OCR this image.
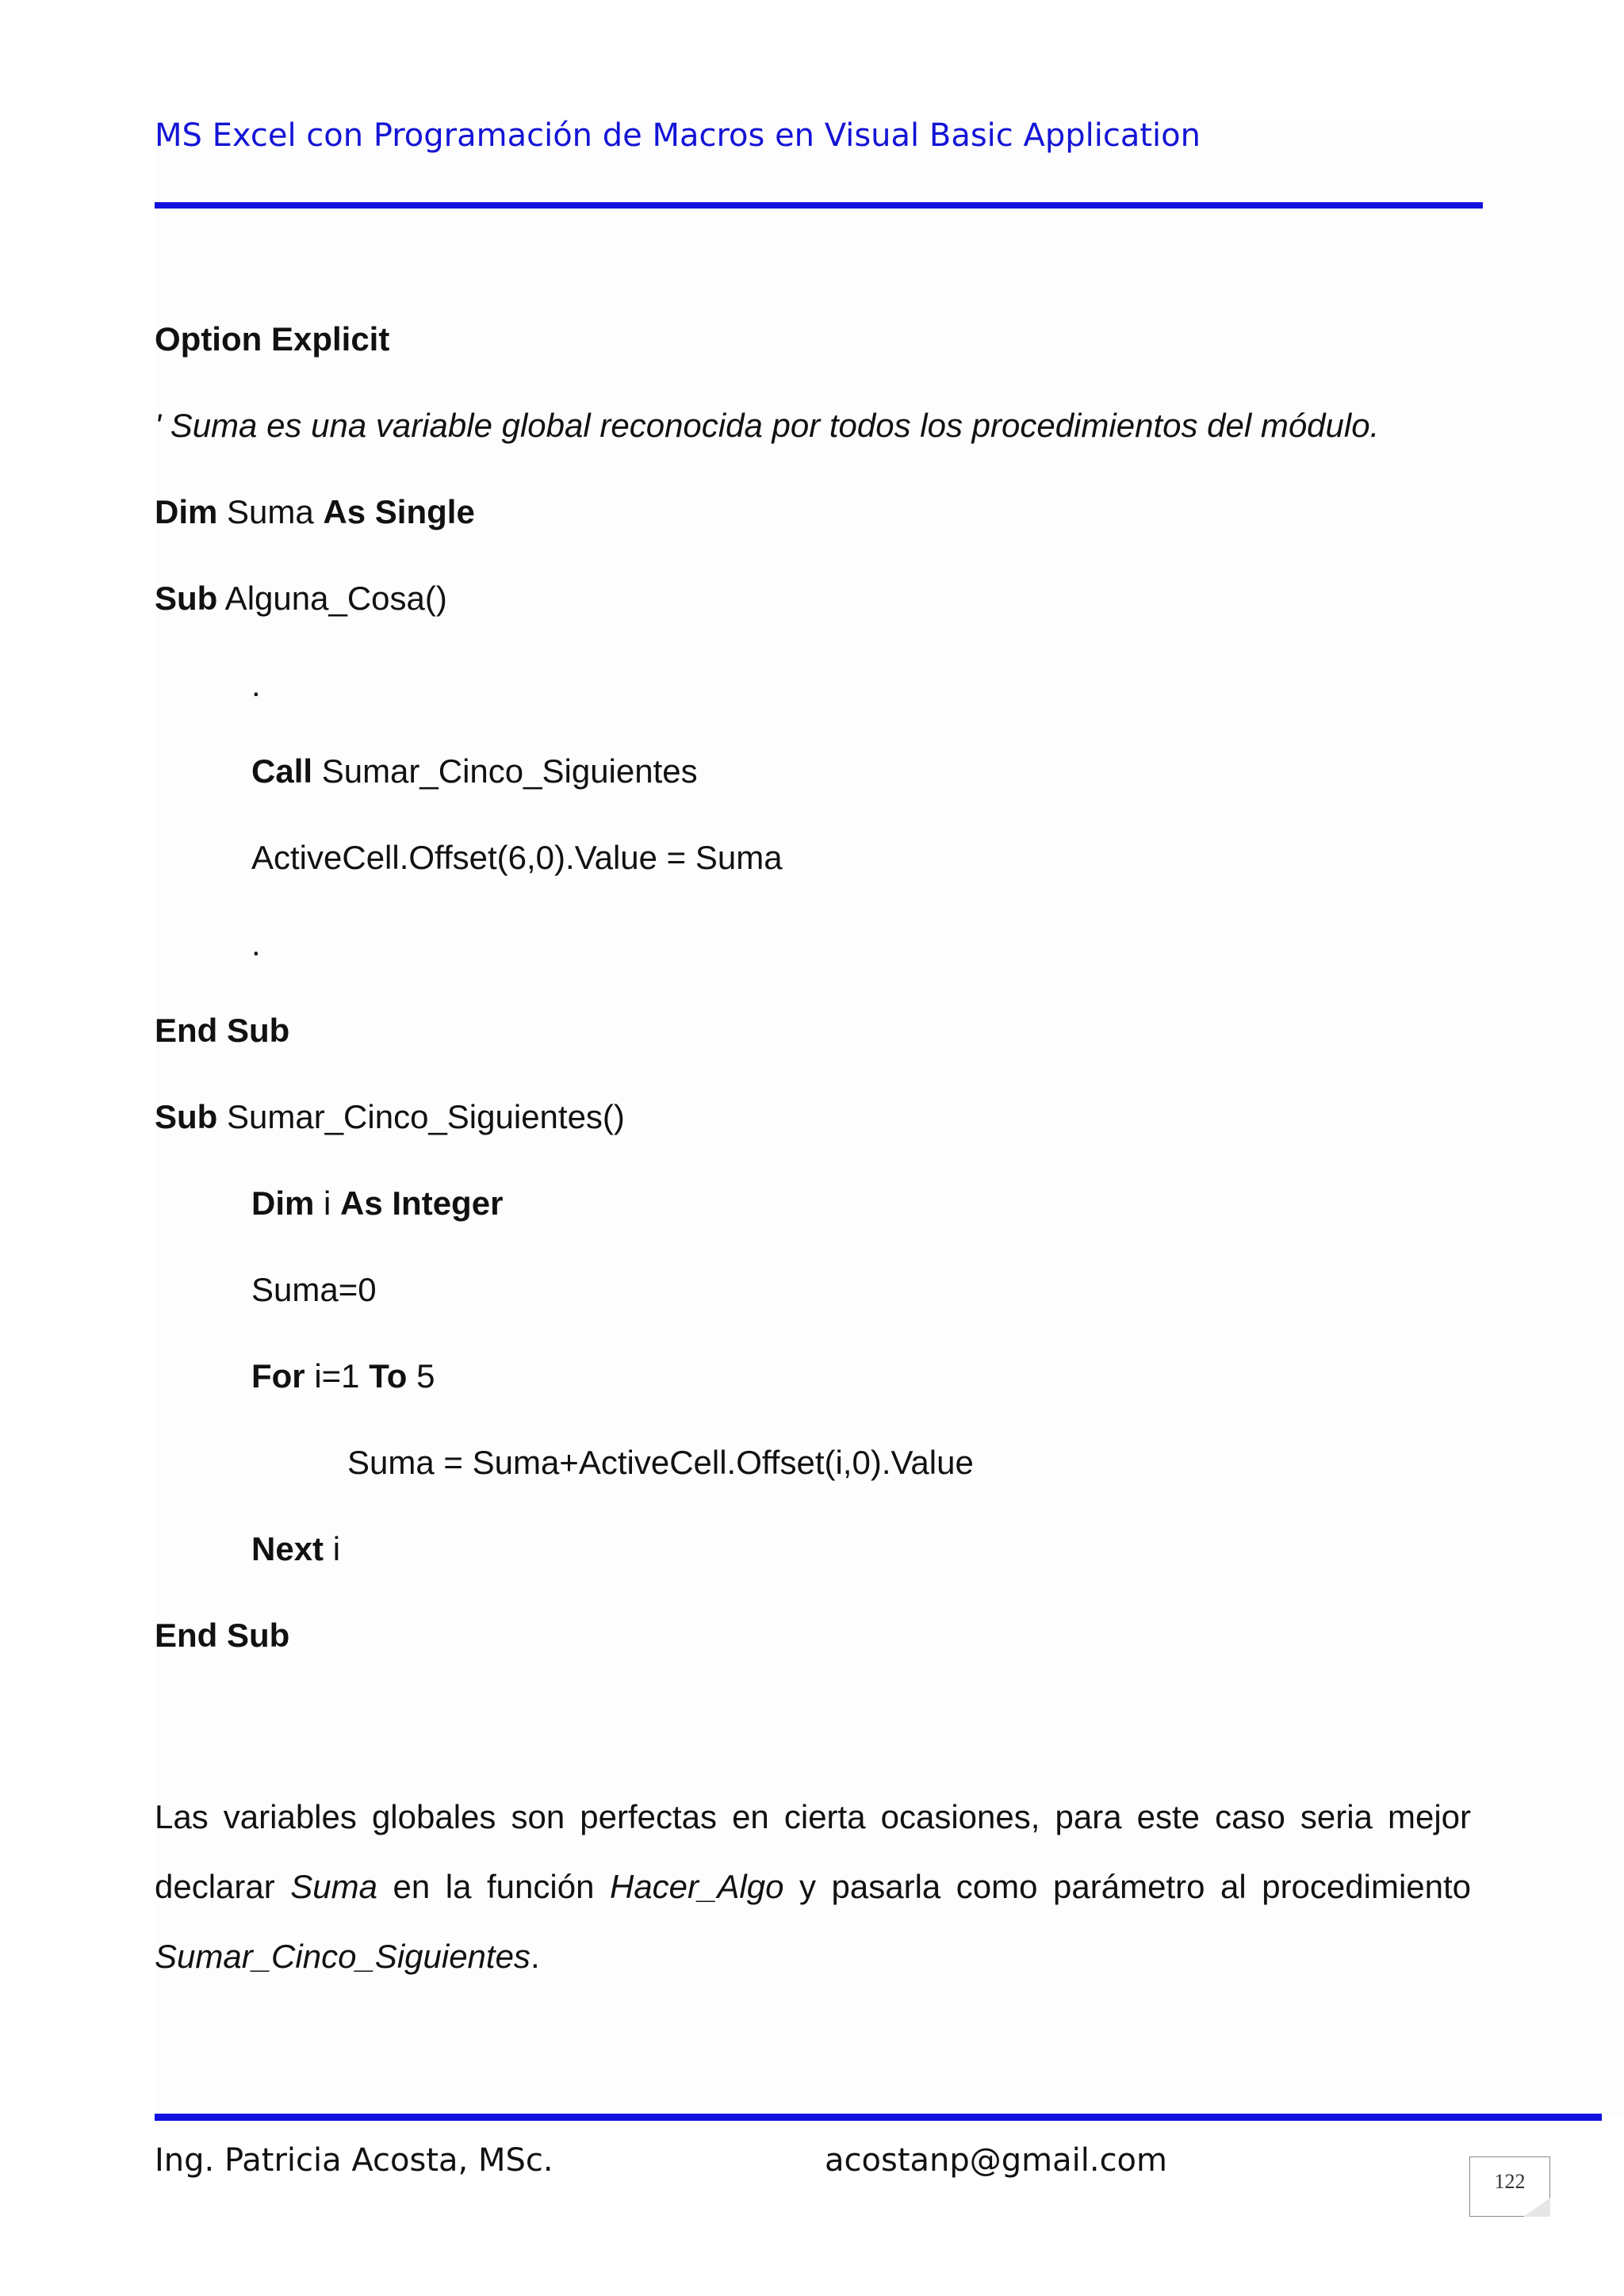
MS Excel con Programación de Macros en Visual Basic Application
Option Explicit
' Suma es una variable global reconocida por todos los procedimientos del módulo.
Dim Suma As Single
Sub Alguna_Cosa()
.
Call Sumar_Cinco_Siguientes
ActiveCell.Offset(6,0).Value = Suma
.
End Sub
Sub Sumar_Cinco_Siguientes()
Dim i As Integer
Suma=0
For i=1 To 5
Suma = Suma+ActiveCell.Offset(i,0).Value
Next i
End Sub
Las variables globales son perfectas en cierta ocasiones, para este caso seria mejor declarar Suma en la función Hacer_Algo y pasarla como parámetro al procedimiento Sumar_Cinco_Siguientes.
Ing. Patricia Acosta, MSc.	acostanp@gmail.com
122
